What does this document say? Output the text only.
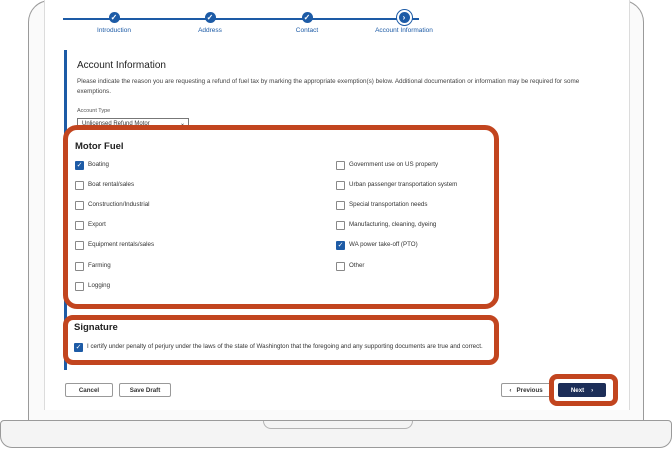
✓
Introduction
✓
Address
✓
Contact
›
Account Information
Account Information
Please indicate the reason you are requesting a refund of fuel tax by marking the appropriate exemption(s) below. Additional documentation or information may be required for some exemptions.
Account Type
Unlicensed Refund Motor	⌄
Motor Fuel
✓ Boating
Boat rental/sales
Construction/Industrial
Export
Equipment rentals/sales
Farming
Logging
Government use on US property
Urban passenger transportation system
Special transportation needs
Manufacturing, cleaning, dyeing
✓ WA power take-off (PTO)
Other
Signature
✓ I certify under penalty of perjury under the laws of the state of Washington that the foregoing and any supporting documents are true and correct.
Cancel	Save Draft	‹ Previous	Next ›
